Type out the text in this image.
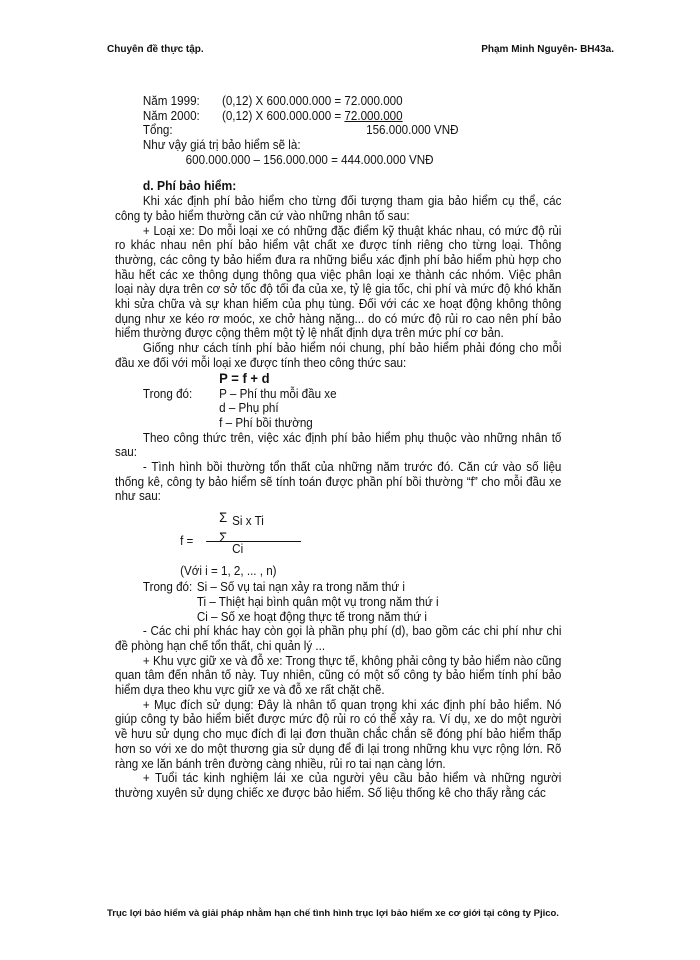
Chuyên đề thực tập.	Phạm Minh Nguyên- BH43a.
Năm 1999: (0,12) X 600.000.000 = 72.000.000
Năm 2000: (0,12) X 600.000.000 = 72.000.000
Tổng:	156.000.000 VNĐ
Như vậy giá trị bảo hiểm sẽ là:
600.000.000 – 156.000.000 = 444.000.000 VNĐ
d. Phí bảo hiểm:
Khi xác định phí bảo hiểm cho từng đối tượng tham gia bảo hiểm cụ thể, các công ty bảo hiểm thường căn cứ vào những nhân tố sau:
+ Loại xe: Do mỗi loại xe có những đặc điểm kỹ thuật khác nhau, có mức độ rủi ro khác nhau nên phí bảo hiểm vật chất xe được tính riêng cho từng loại. Thông thường, các công ty bảo hiểm đưa ra những biểu xác định phí bảo hiểm phù hợp cho hầu hết các xe thông dụng thông qua việc phân loại xe thành các nhóm. Việc phân loại này dựa trên cơ sở tốc độ tối đa của xe, tỷ lệ gia tốc, chi phí và mức độ khó khăn khi sửa chữa và sự khan hiếm của phụ tùng. Đối với các xe hoạt động không thông dụng như xe kéo rơ moóc, xe chở hàng nặng... do có mức độ rủi ro cao nên phí bảo hiểm thường được cộng thêm một tỷ lệ nhất định dựa trên mức phí cơ bản.
Giống như cách tính phí bảo hiểm nói chung, phí bảo hiểm phải đóng cho mỗi đầu xe đối với mỗi loại xe được tính theo công thức sau:
P = f + d
Trong đó: P – Phí thu mỗi đầu xe
d – Phụ phí
f – Phí bồi thường
Theo công thức trên, việc xác định phí bảo hiểm phụ thuộc vào những nhân tố sau:
- Tình hình bồi thường tổn thất của những năm trước đó. Căn cứ vào số liệu thống kê, công ty bảo hiểm sẽ tính toán được phần phí bồi thường “f” cho mỗi đầu xe như sau:
Σ Si x Ti
f = Σ
Ci
(Với i = 1, 2, ... , n)
Trong đó: Si – Số vụ tai nạn xảy ra trong năm thứ i
Ti – Thiệt hại bình quân một vụ trong năm thứ i
Ci – Số xe hoạt động thực tế trong năm thứ i
- Các chi phí khác hay còn gọi là phần phụ phí (d), bao gồm các chi phí như chi đề phòng hạn chế tổn thất, chi quản lý ...
+ Khu vực giữ xe và đỗ xe: Trong thực tế, không phải công ty bảo hiểm nào cũng quan tâm đến nhân tố này. Tuy nhiên, cũng có một số công ty bảo hiểm tính phí bảo hiểm dựa theo khu vực giữ xe và đỗ xe rất chặt chẽ.
+ Mục đích sử dụng: Đây là nhân tố quan trọng khi xác định phí bảo hiểm. Nó giúp công ty bảo hiểm biết được mức độ rủi ro có thể xảy ra. Ví dụ, xe do một người về hưu sử dụng cho mục đích đi lại đơn thuần chắc chắn sẽ đóng phí bảo hiểm thấp hơn so với xe do một thương gia sử dụng để đi lại trong những khu vực rộng lớn. Rõ ràng xe lăn bánh trên đường càng nhiều, rủi ro tai nạn càng lớn.
+ Tuổi tác kinh nghiệm lái xe của người yêu cầu bảo hiểm và những người thường xuyên sử dụng chiếc xe được bảo hiểm. Số liệu thống kê cho thấy rằng các
Trục lợi bảo hiểm và giải pháp nhằm hạn chế tình hình trục lợi bảo hiểm xe cơ giới tại công ty Pjico.
